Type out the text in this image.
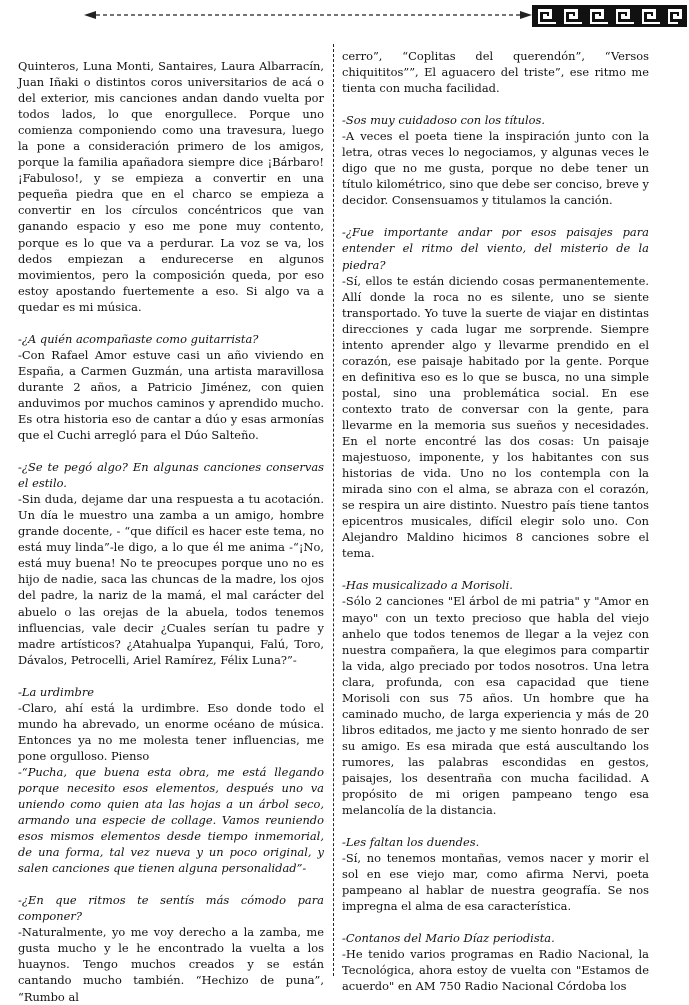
Quinteros, Luna Monti, Santaires, Laura Albarracín, Juan Iñaki o distintos coros universitarios de acá o del exterior, mis canciones andan dando vuelta por todos lados, lo que enorgullece. Porque uno comienza componiendo como una travesura, luego la pone a consideración primero de los amigos, porque la familia apañadora siempre dice ¡Bárbaro! ¡Fabuloso!, y se empieza a convertir en una pequeña piedra que en el charco se empieza a convertir en los círculos concéntricos que van ganando espacio y eso me pone muy contento, porque es lo que va a perdurar. La voz se va, los dedos empiezan a endurecerse en algunos movimientos, pero la composición queda, por eso estoy apostando fuertemente a eso. Si algo va a quedar es mi música.
-¿A quién acompañaste como guitarrista?
-Con Rafael Amor estuve casi un año viviendo en España, a Carmen Guzmán, una artista maravillosa durante 2 años, a Patricio Jiménez, con quien anduvimos por muchos caminos y aprendido mucho. Es otra historia eso de cantar a dúo y esas armonías que el Cuchi arregló para el Dúo Salteño.
-¿Se te pegó algo? En algunas canciones conservas el estilo.
-Sin duda, dejame dar una respuesta a tu acotación. Un día le muestro una zamba a un amigo, hombre grande docente, - “que difícil es hacer este tema, no está muy linda”-le digo, a lo que él me anima -“¡No, está muy buena! No te preocupes porque uno no es hijo de nadie, saca las chuncas de la madre, los ojos del padre, la nariz de la mamá, el mal carácter del abuelo o las orejas de la abuela, todos tenemos influencias, vale decir ¿Cuales serían tu padre y madre artísticos? ¿Atahualpa Yupanqui, Falú, Toro, Dávalos, Petrocelli, Ariel Ramírez, Félix Luna?”-
-La urdimbre
-Claro, ahí está la urdimbre. Eso donde todo el mundo ha abrevado, un enorme océano de música. Entonces ya no me molesta tener influencias, me pone orgulloso. Pienso
-“Pucha, que buena esta obra, me está llegando porque necesito esos elementos, después uno va uniendo como quien ata las hojas a un árbol seco, armando una especie de collage. Vamos reuniendo esos mismos elementos desde tiempo inmemorial, de una forma, tal vez nueva y un poco original, y salen canciones que tienen alguna personalidad”-
-¿En que ritmos te sentís más cómodo para componer?
-Naturalmente, yo me voy derecho a la zamba, me gusta mucho y le he encontrado la vuelta a los huaynos. Tengo muchos creados y se están cantando mucho también. “Hechizo de puna”, “Rumbo al
cerro”, “Coplitas del querendón”, “Versos chiquititos””, El aguacero del triste”, ese ritmo me tienta con mucha facilidad.
-Sos muy cuidadoso con los títulos.
-A veces el poeta tiene la inspiración junto con la letra, otras veces lo negociamos, y algunas veces le digo que no me gusta, porque no debe tener un título kilométrico, sino que debe ser conciso, breve y decidor. Consensuamos y titulamos la canción.
-¿Fue importante andar por esos paisajes para entender el ritmo del viento, del misterio de la piedra?
-Sí, ellos te están diciendo cosas permanentemente. Allí donde la roca no es silente, uno se siente transportado. Yo tuve la suerte de viajar en distintas direcciones y cada lugar me sorprende. Siempre intento aprender algo y llevarme prendido en el corazón, ese paisaje habitado por la gente. Porque en definitiva eso es lo que se busca, no una simple postal, sino una problemática social. En ese contexto trato de conversar con la gente, para llevarme en la memoria sus sueños y necesidades. En el norte encontré las dos cosas: Un paisaje majestuoso, imponente, y los habitantes con sus historias de vida. Uno no los contempla con la mirada sino con el alma, se abraza con el corazón, se respira un aire distinto. Nuestro país tiene tantos epicentros musicales, difícil elegir solo uno. Con Alejandro Maldino hicimos 8 canciones sobre el tema.
-Has musicalizado a Morisoli.
-Sólo 2 canciones "El árbol de mi patria" y "Amor en mayo" con un texto precioso que habla del viejo anhelo que todos tenemos de llegar a la vejez con nuestra compañera, la que elegimos para compartir la vida, algo preciado por todos nosotros. Una letra clara, profunda, con esa capacidad que tiene Morisoli con sus 75 años. Un hombre que ha caminado mucho, de larga experiencia y más de 20 libros editados, me jacto y me siento honrado de ser su amigo. Es esa mirada que está auscultando los rumores, las palabras escondidas en gestos, paisajes, los desentraña con mucha facilidad. A propósito de mi origen pampeano tengo esa melancolía de la distancia.
-Les faltan los duendes.
-Sí, no tenemos montañas, vemos nacer y morir el sol en ese viejo mar, como afirma Nervi, poeta pampeano al hablar de nuestra geografía. Se nos impregna el alma de esa característica.
-Contanos del Mario Díaz periodista.
-He tenido varios programas en Radio Nacional, la Tecnológica, ahora estoy de vuelta con "Estamos de acuerdo" en AM 750 Radio Nacional Córdoba los
